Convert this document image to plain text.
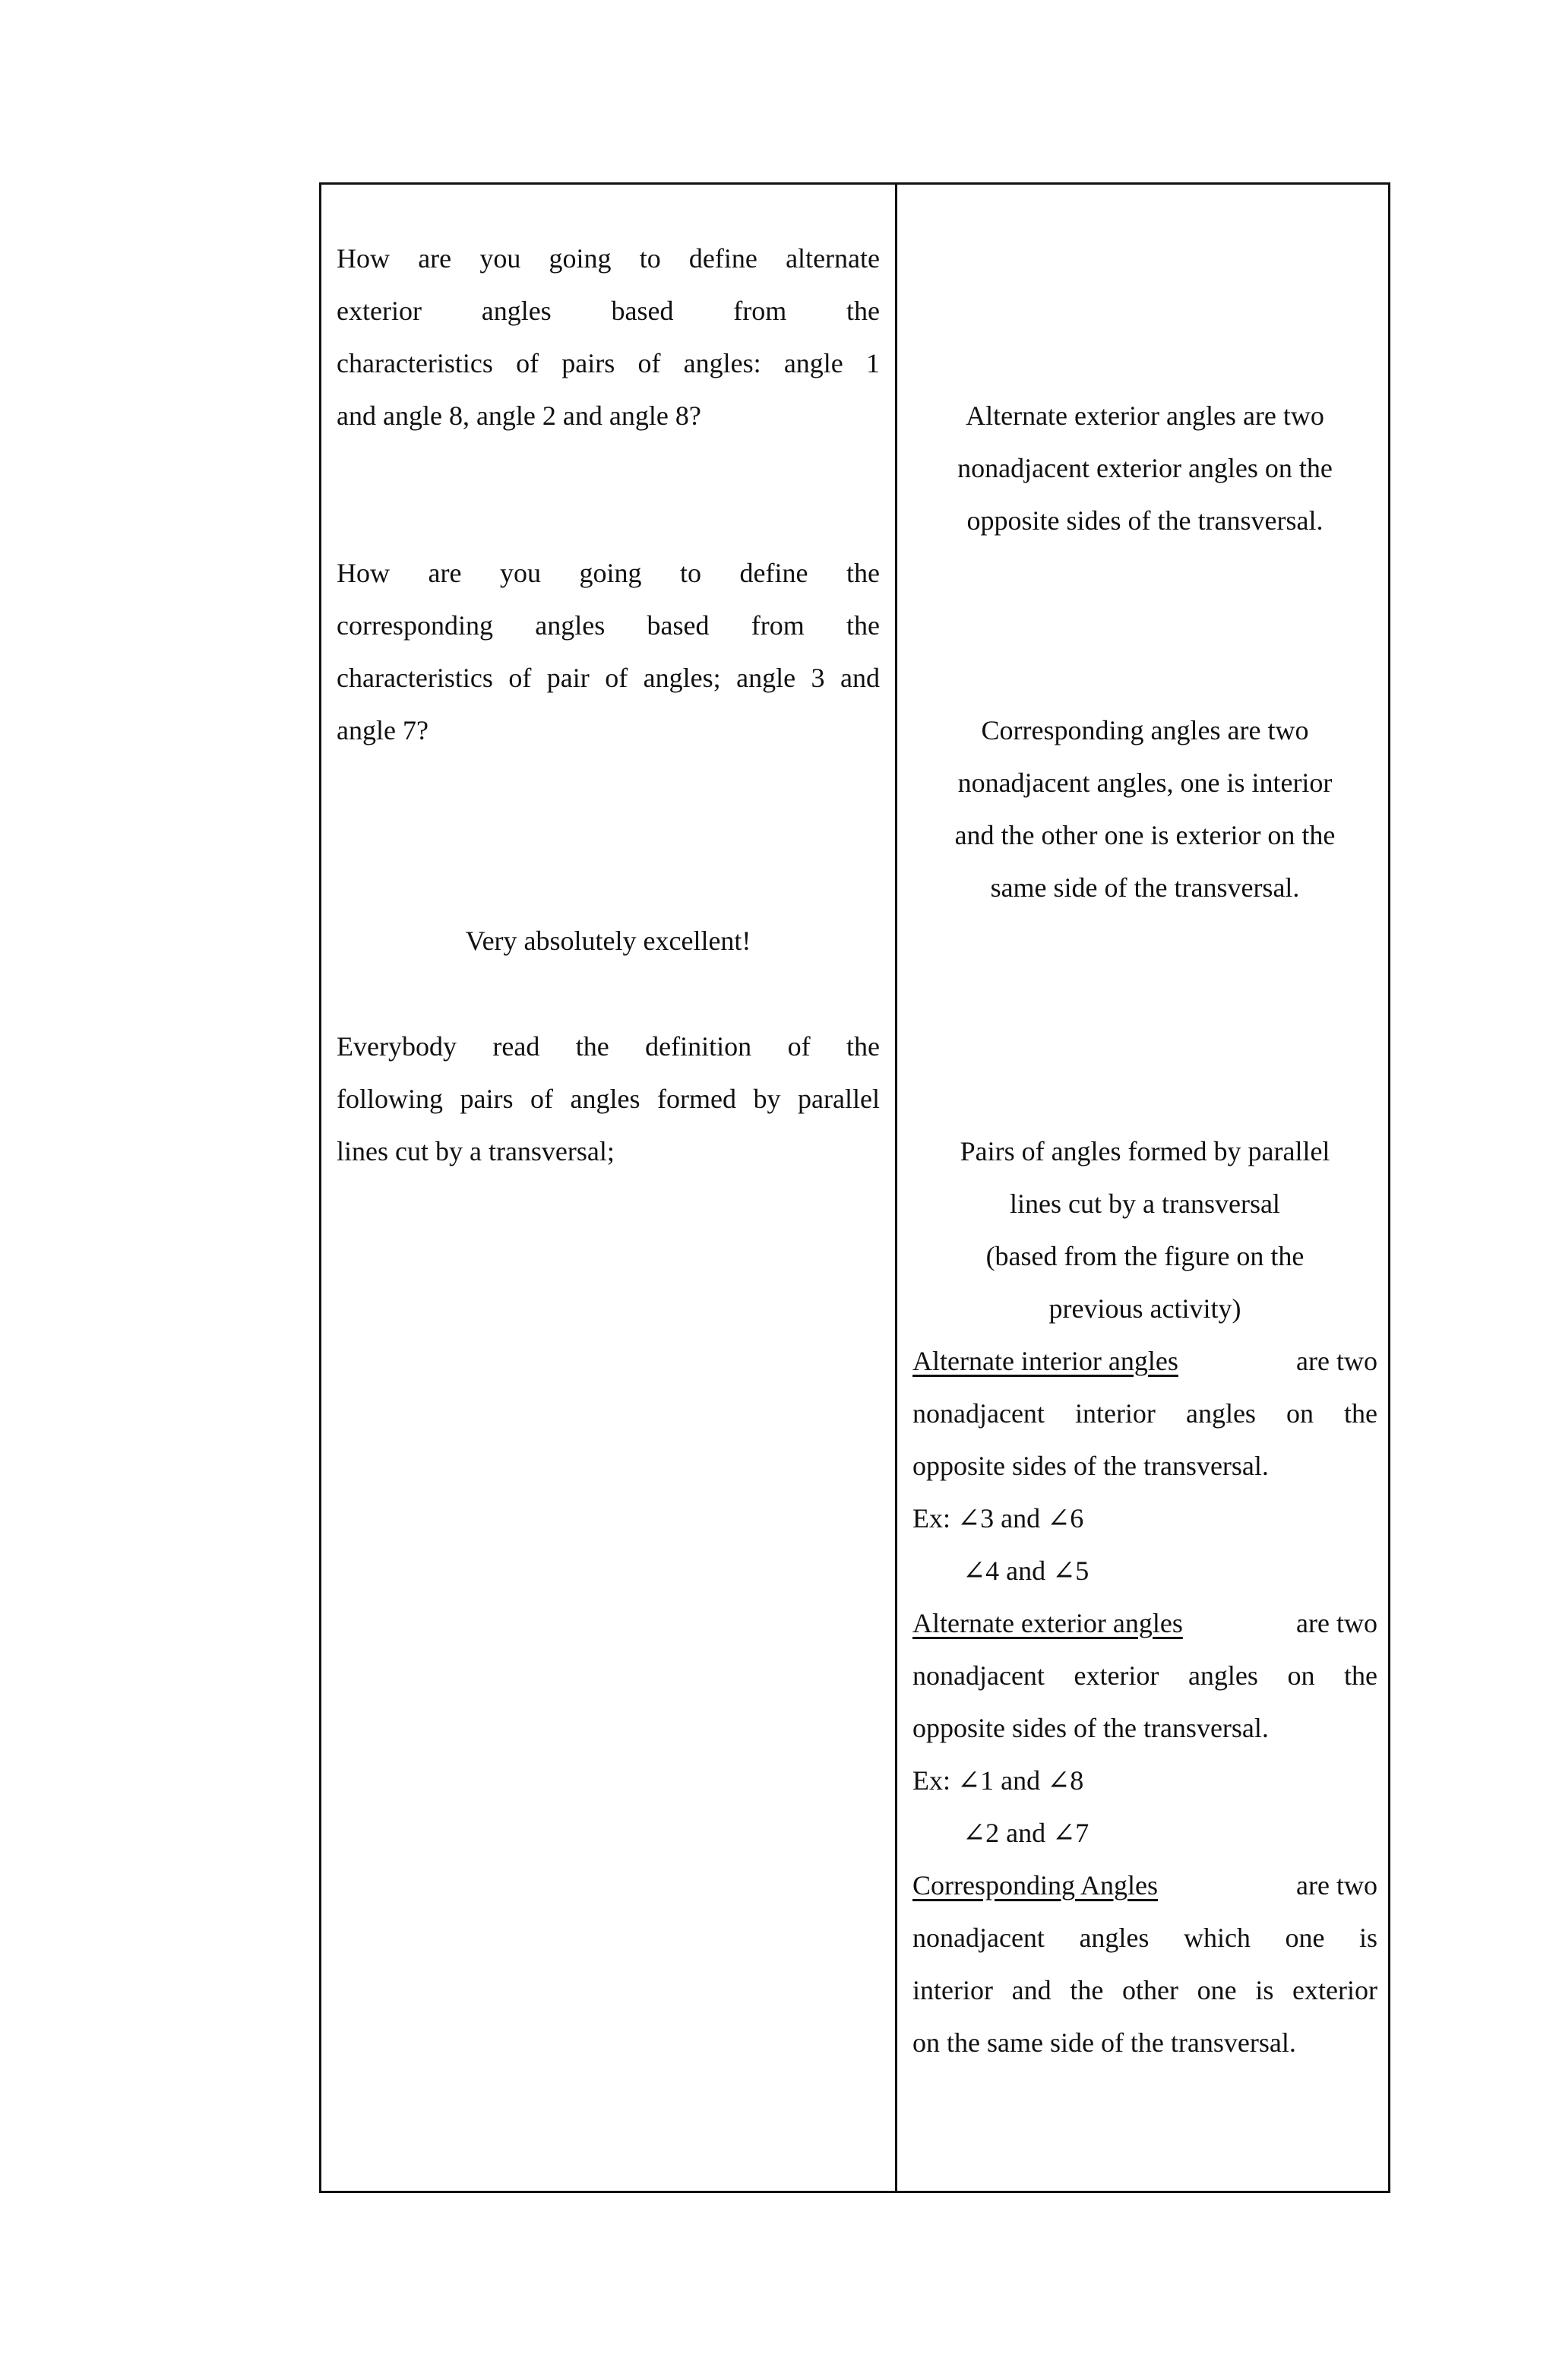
How are you going to define alternate
exterior angles based from the
characteristics of pairs of angles: angle 1
and angle 8, angle 2 and angle 8?
How are you going to define the
corresponding angles based from the
characteristics of pair of angles; angle 3 and
angle 7?
Very absolutely excellent!
Everybody read the definition of the
following pairs of angles formed by parallel
lines cut by a transversal;
Alternate exterior angles are two
nonadjacent exterior angles on the
opposite sides of the transversal.
Corresponding angles are two
nonadjacent angles, one is interior
and the other one is exterior on the
same side of the transversal.
Pairs of angles formed by parallel
lines cut by a transversal
(based from the figure on the
previous activity)
Alternate interior angles	are two
nonadjacent interior angles on the
opposite sides of the transversal.
Ex: ∠3 and ∠6
∠4 and ∠5
Alternate exterior angles	are two
nonadjacent exterior angles on the
opposite sides of the transversal.
Ex: ∠1 and ∠8
∠2 and ∠7
Corresponding Angles	are two
nonadjacent angles which one is
interior and the other one is exterior
on the same side of the transversal.
